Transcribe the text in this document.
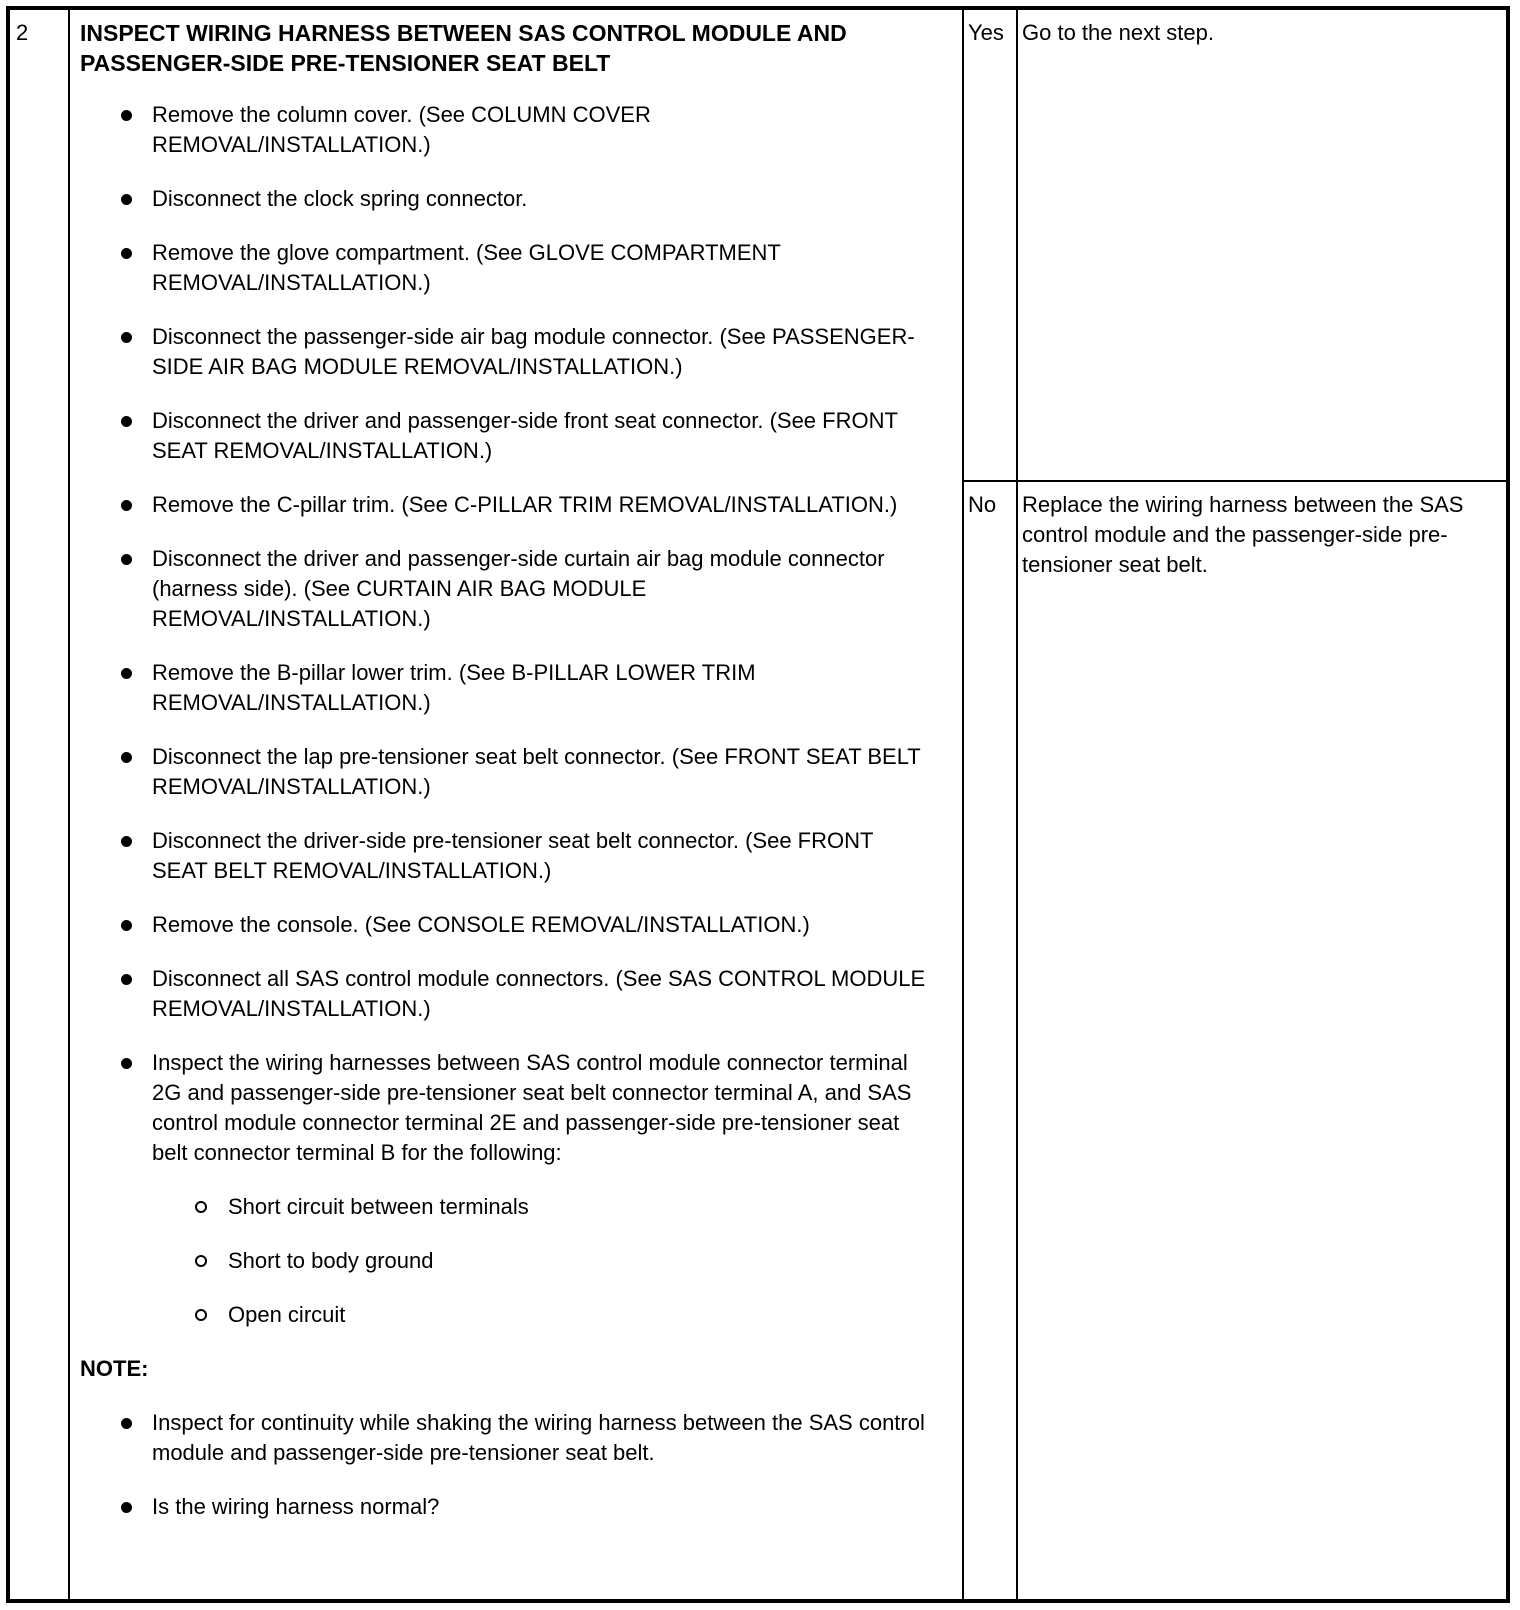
2 INSPECT WIRING HARNESS BETWEEN SAS CONTROL MODULE AND
PASSENGER-SIDE PRE-TENSIONER SEAT BELT
Remove the column cover. (See COLUMN COVER REMOVAL/INSTALLATION.)
Disconnect the clock spring connector.
Remove the glove compartment. (See GLOVE COMPARTMENT REMOVAL/INSTALLATION.)
Disconnect the passenger-side air bag module connector. (See PASSENGER-SIDE AIR BAG MODULE REMOVAL/INSTALLATION.)
Disconnect the driver and passenger-side front seat connector. (See FRONT SEAT REMOVAL/INSTALLATION.)
Remove the C-pillar trim. (See C-PILLAR TRIM REMOVAL/INSTALLATION.)
Disconnect the driver and passenger-side curtain air bag module connector (harness side). (See CURTAIN AIR BAG MODULE REMOVAL/INSTALLATION.)
Remove the B-pillar lower trim. (See B-PILLAR LOWER TRIM REMOVAL/INSTALLATION.)
Disconnect the lap pre-tensioner seat belt connector. (See FRONT SEAT BELT REMOVAL/INSTALLATION.)
Disconnect the driver-side pre-tensioner seat belt connector. (See FRONT SEAT BELT REMOVAL/INSTALLATION.)
Remove the console. (See CONSOLE REMOVAL/INSTALLATION.)
Disconnect all SAS control module connectors. (See SAS CONTROL MODULE REMOVAL/INSTALLATION.)
Inspect the wiring harnesses between SAS control module connector terminal 2G and passenger-side pre-tensioner seat belt connector terminal A, and SAS control module connector terminal 2E and passenger-side pre-tensioner seat belt connector terminal B for the following:
Short circuit between terminals
Short to body ground
Open circuit
NOTE:
Inspect for continuity while shaking the wiring harness between the SAS control module and passenger-side pre-tensioner seat belt.
Is the wiring harness normal?
Yes Go to the next step.
No Replace the wiring harness between the SAS control module and the passenger-side pre-tensioner seat belt.
